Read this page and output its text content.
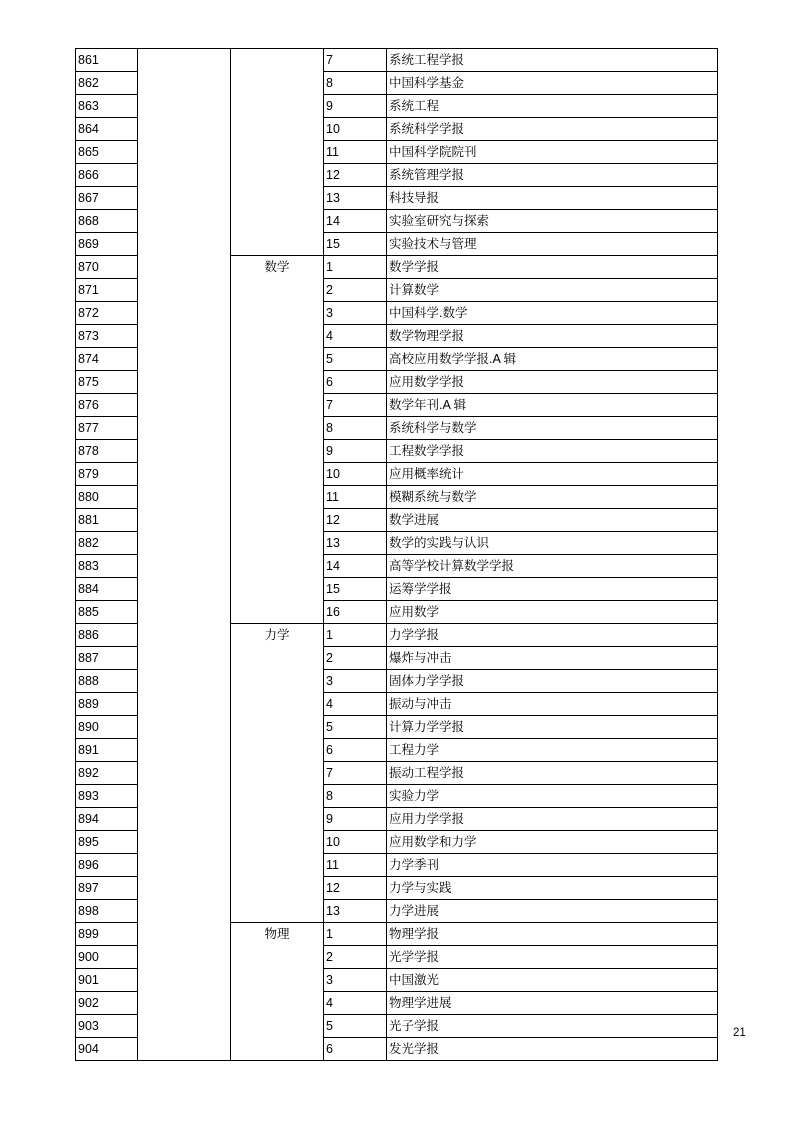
861			7	系统工程学报
862			8	中国科学基金
863			9	系统工程
864			10	系统科学学报
865			11	中国科学院院刊
866			12	系统管理学报
867			13	科技导报
868			14	实验室研究与探索
869			15	实验技术与管理
870		数学	1	数学学报
871			2	计算数学
872			3	中国科学.数学
873			4	数学物理学报
874			5	高校应用数学学报.A 辑
875			6	应用数学学报
876			7	数学年刊.A 辑
877			8	系统科学与数学
878			9	工程数学学报
879			10	应用概率统计
880			11	模糊系统与数学
881			12	数学进展
882			13	数学的实践与认识
883			14	高等学校计算数学学报
884			15	运筹学学报
885			16	应用数学
886		力学	1	力学学报
887			2	爆炸与冲击
888			3	固体力学学报
889			4	振动与冲击
890			5	计算力学学报
891			6	工程力学
892			7	振动工程学报
893			8	实验力学
894			9	应用力学学报
895			10	应用数学和力学
896			11	力学季刊
897			12	力学与实践
898			13	力学进展
899		物理	1	物理学报
900			2	光学学报
901			3	中国激光
902			4	物理学进展
903			5	光子学报
904			6	发光学报
21
